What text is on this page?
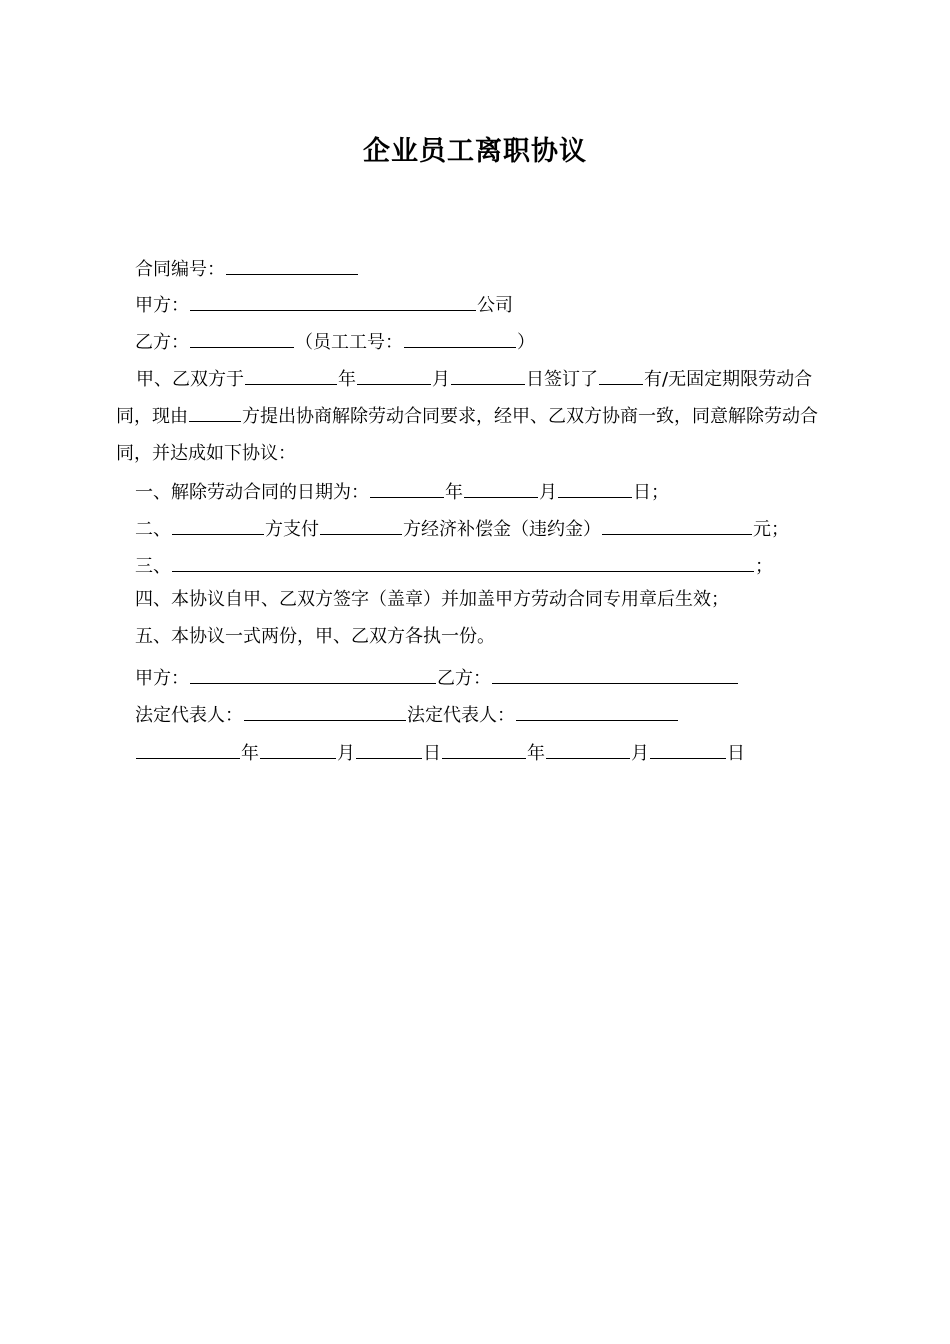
企业员工离职协议
合同编号：
甲方：	公司
乙方：	（员工工号：	）
甲、乙双方于	年	月	日签订了	有/无固定期限劳动合同，现由	方提出协商解除劳动合同要求，经甲、乙双方协商一致，同意解除劳动合同，并达成如下协议：
一、解除劳动合同的日期为：	年	月	日；
二、	方支付	方经济补偿金（违约金）	元；
三、	；
四、本协议自甲、乙双方签字（盖章）并加盖甲方劳动合同专用章后生效；
五、本协议一式两份，甲、乙双方各执一份。
甲方：	乙方：
法定代表人：	法定代表人：
年	月	日	年	月	日
